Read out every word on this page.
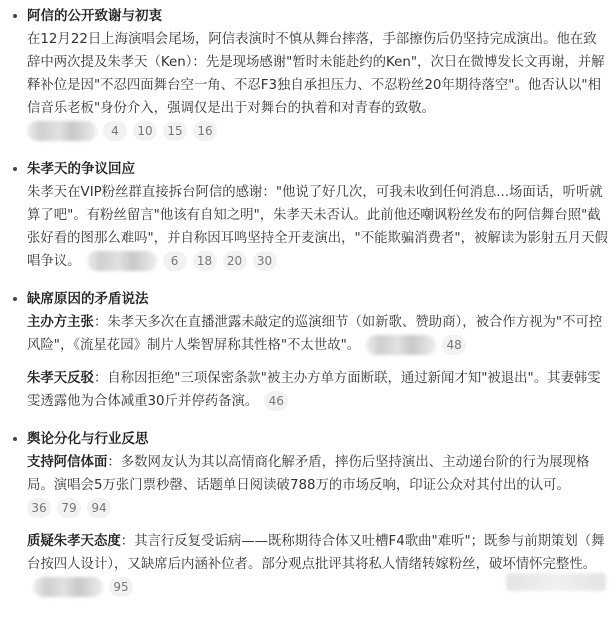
阿信的公开致谢与初衷

在12月22日上海演唱会尾场，阿信表演时不慎从舞台摔落，手部擦伤后仍坚持完成演出。他在致辞中两次提及朱孝天（Ken）：先是现场感谢"暂时未能赴约的Ken"，次日在微博发长文再谢，并解释补位是因"不忍四面舞台空一角、不忍F3独自承担压力、不忍粉丝20年期待落空"。他否认以"相信音乐老板"身份介入，强调仅是出于对舞台的执着和对青春的致敬。
4 10 15 16

朱孝天的争议回应

朱孝天在VIP粉丝群直接拆台阿信的感谢："他说了好几次，可我未收到任何消息...场面话，听听就算了吧"。有粉丝留言"他该有自知之明"，朱孝天未否认。此前他还嘲讽粉丝发布的阿信舞台照"截张好看的图那么难吗"，并自称因耳鸣坚持全开麦演出，"不能欺骗消费者"，被解读为影射五月天假唱争议。	6 18 20 30

缺席原因的矛盾说法

主办方主张：朱孝天多次在直播泄露未敲定的巡演细节（如新歌、赞助商），被合作方视为"不可控风险"，《流星花园》制片人柴智屏称其性格"不太世故"。	48

朱孝天反驳：自称因拒绝"三项保密条款"被主办方单方面断联，通过新闻才知"被退出"。其妻韩雯雯透露他为合体减重30斤并停药备演。 46

舆论分化与行业反思

支持阿信体面：多数网友认为其以高情商化解矛盾，摔伤后坚持演出、主动递台阶的行为展现格局。演唱会5万张门票秒罄、话题单日阅读破788万的市场反响，印证公众对其付出的认可。
36 79 94

质疑朱孝天态度：其言行反复受诟病——既称期待合体又吐槽F4歌曲"难听"；既参与前期策划（舞台按四人设计），又缺席后内涵补位者。部分观点批评其将私人情绪转嫁粉丝，破坏情怀完整性。95
